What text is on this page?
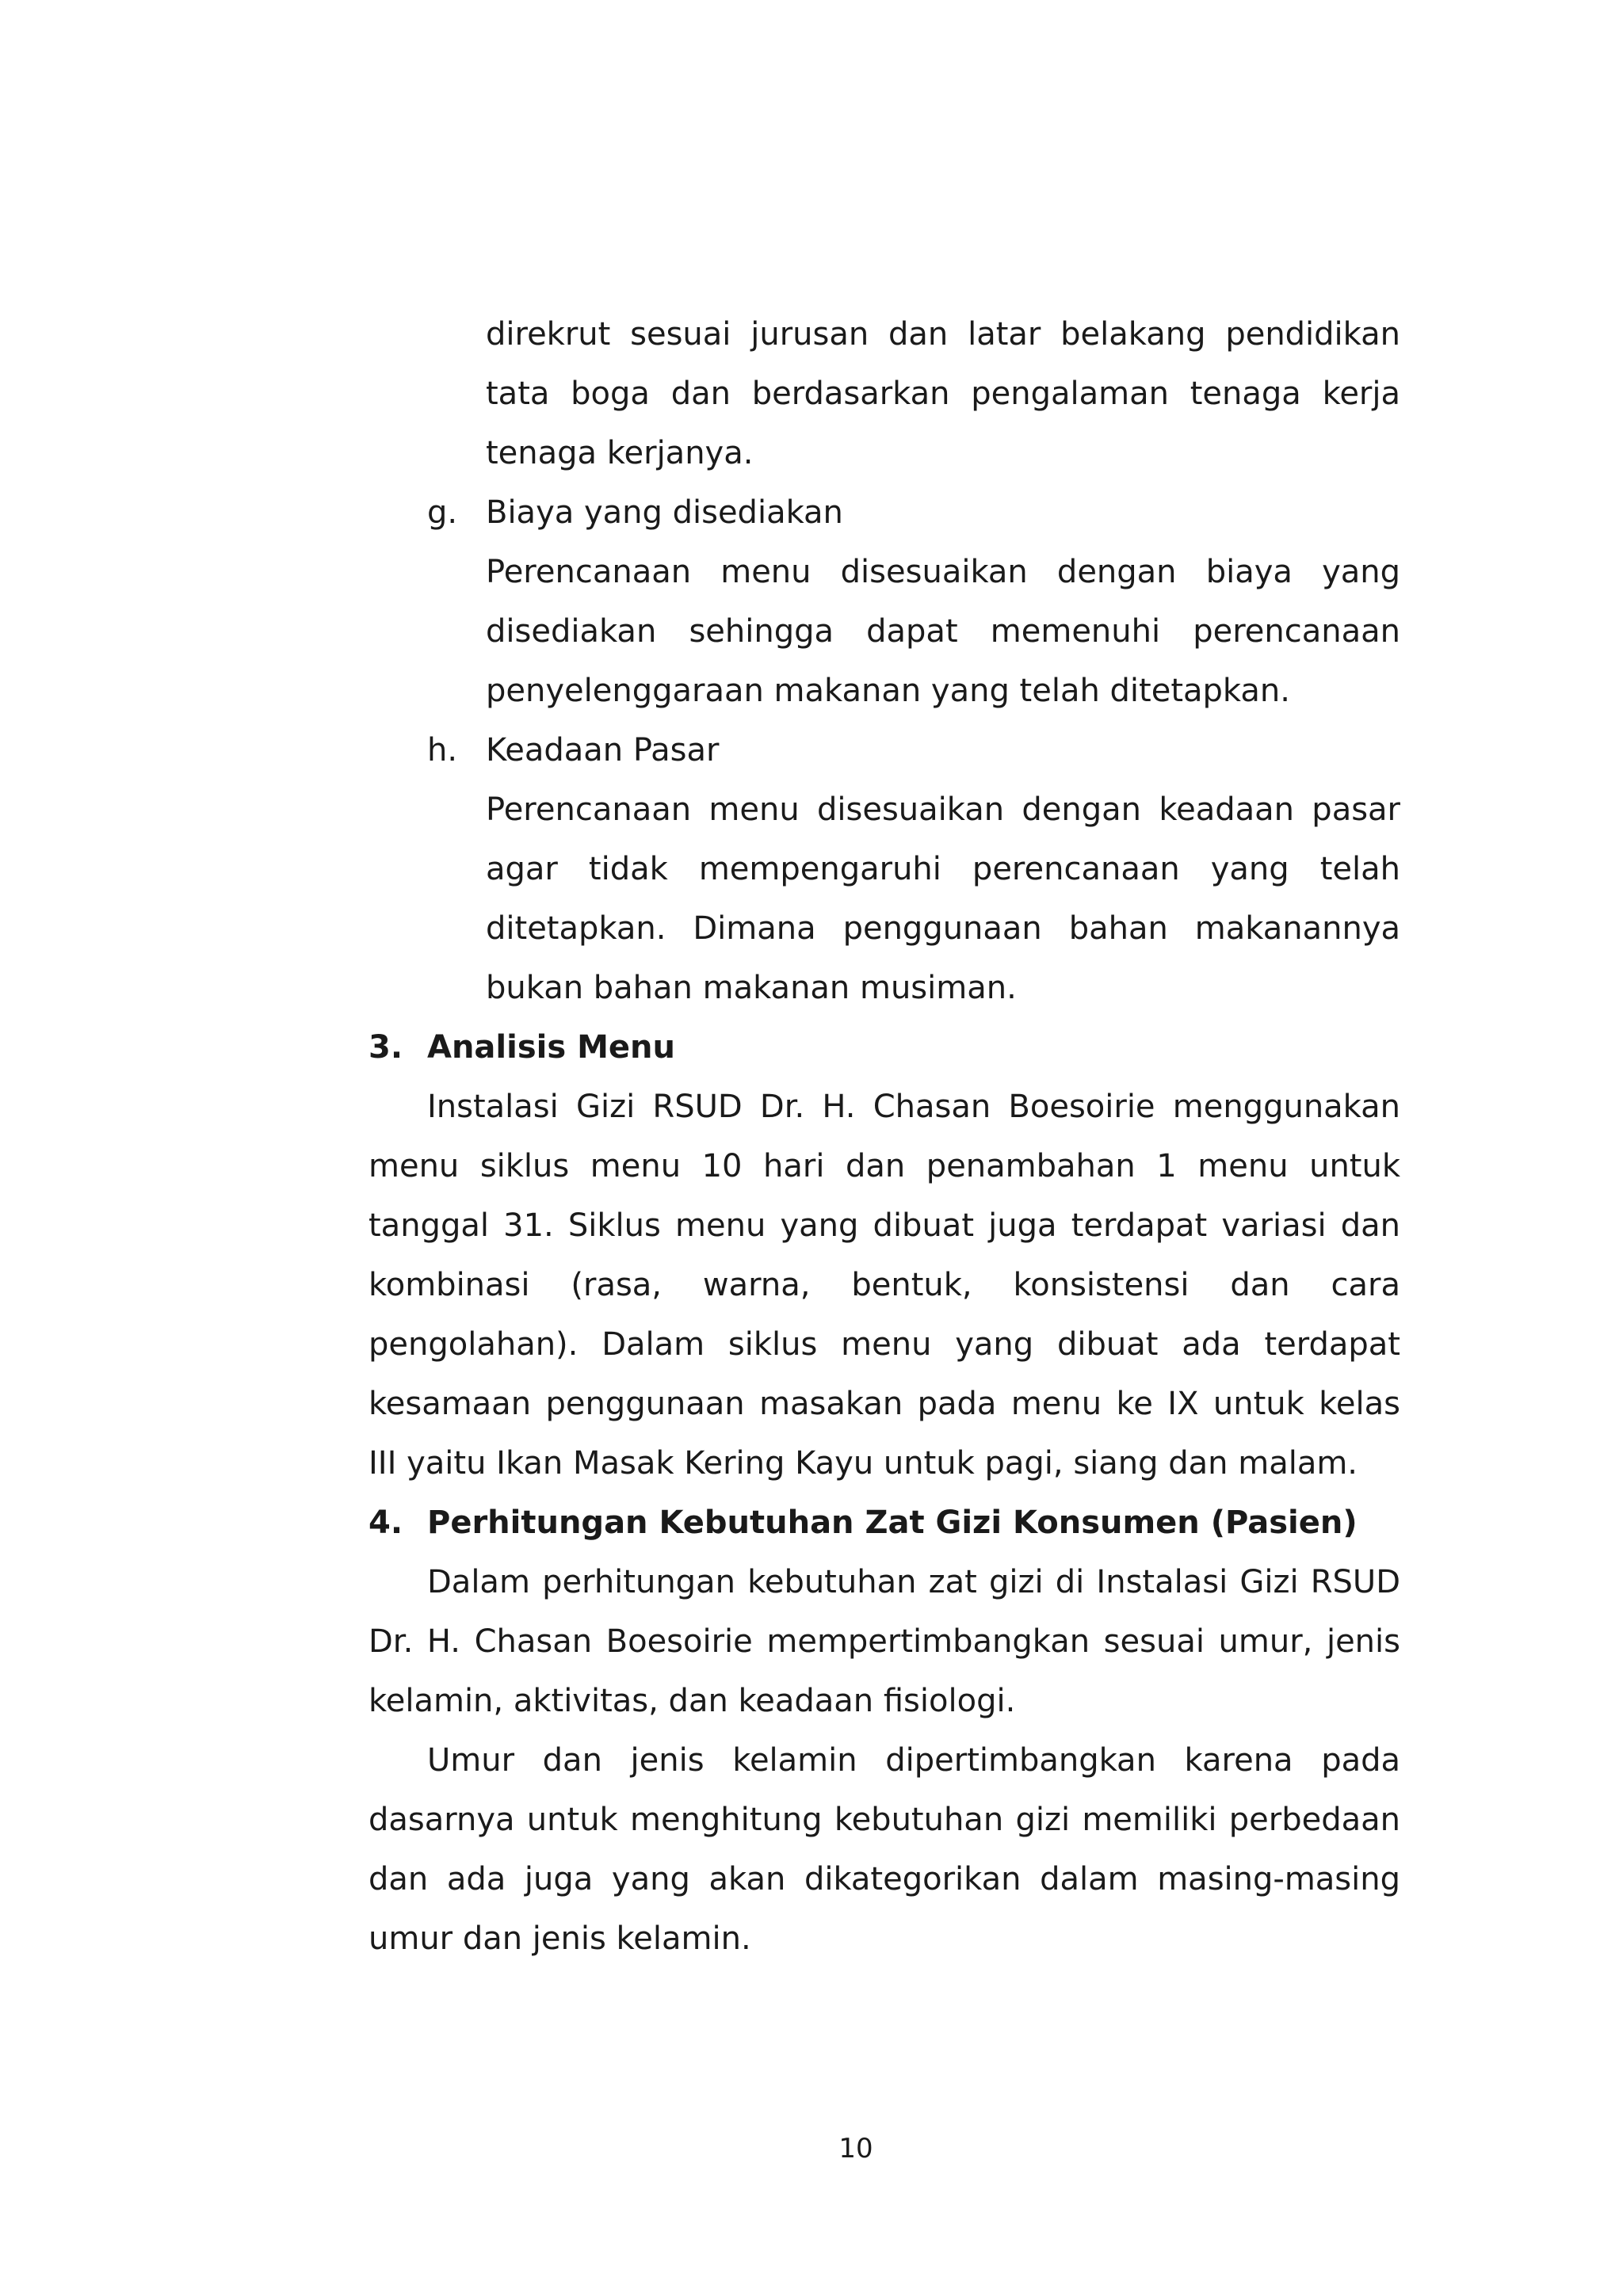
direkrut sesuai jurusan dan latar belakang pendidikan tata boga dan berdasarkan pengalaman tenaga kerja tenaga kerjanya.

g. Biaya yang disediakan

Perencanaan menu disesuaikan dengan biaya yang disediakan sehingga dapat memenuhi perencanaan penyelenggaraan makanan yang telah ditetapkan.

h. Keadaan Pasar

Perencanaan menu disesuaikan dengan keadaan pasar agar tidak mempengaruhi perencanaan yang telah ditetapkan. Dimana penggunaan bahan makanannya bukan bahan makanan musiman.

3. Analisis Menu

Instalasi Gizi RSUD Dr. H. Chasan Boesoirie menggunakan menu siklus menu 10 hari dan penambahan 1 menu untuk tanggal 31. Siklus menu yang dibuat juga terdapat variasi dan kombinasi (rasa, warna, bentuk, konsistensi dan cara pengolahan). Dalam siklus menu yang dibuat ada terdapat kesamaan penggunaan masakan pada menu ke IX untuk kelas III yaitu Ikan Masak Kering Kayu untuk pagi, siang dan malam.

4. Perhitungan Kebutuhan Zat Gizi Konsumen (Pasien)

Dalam perhitungan kebutuhan zat gizi di Instalasi Gizi RSUD Dr. H. Chasan Boesoirie mempertimbangkan sesuai umur, jenis kelamin, aktivitas, dan keadaan fisiologi.

Umur dan jenis kelamin dipertimbangkan karena pada dasarnya untuk menghitung kebutuhan gizi memiliki perbedaan dan ada juga yang akan dikategorikan dalam masing-masing umur dan jenis kelamin.

10
